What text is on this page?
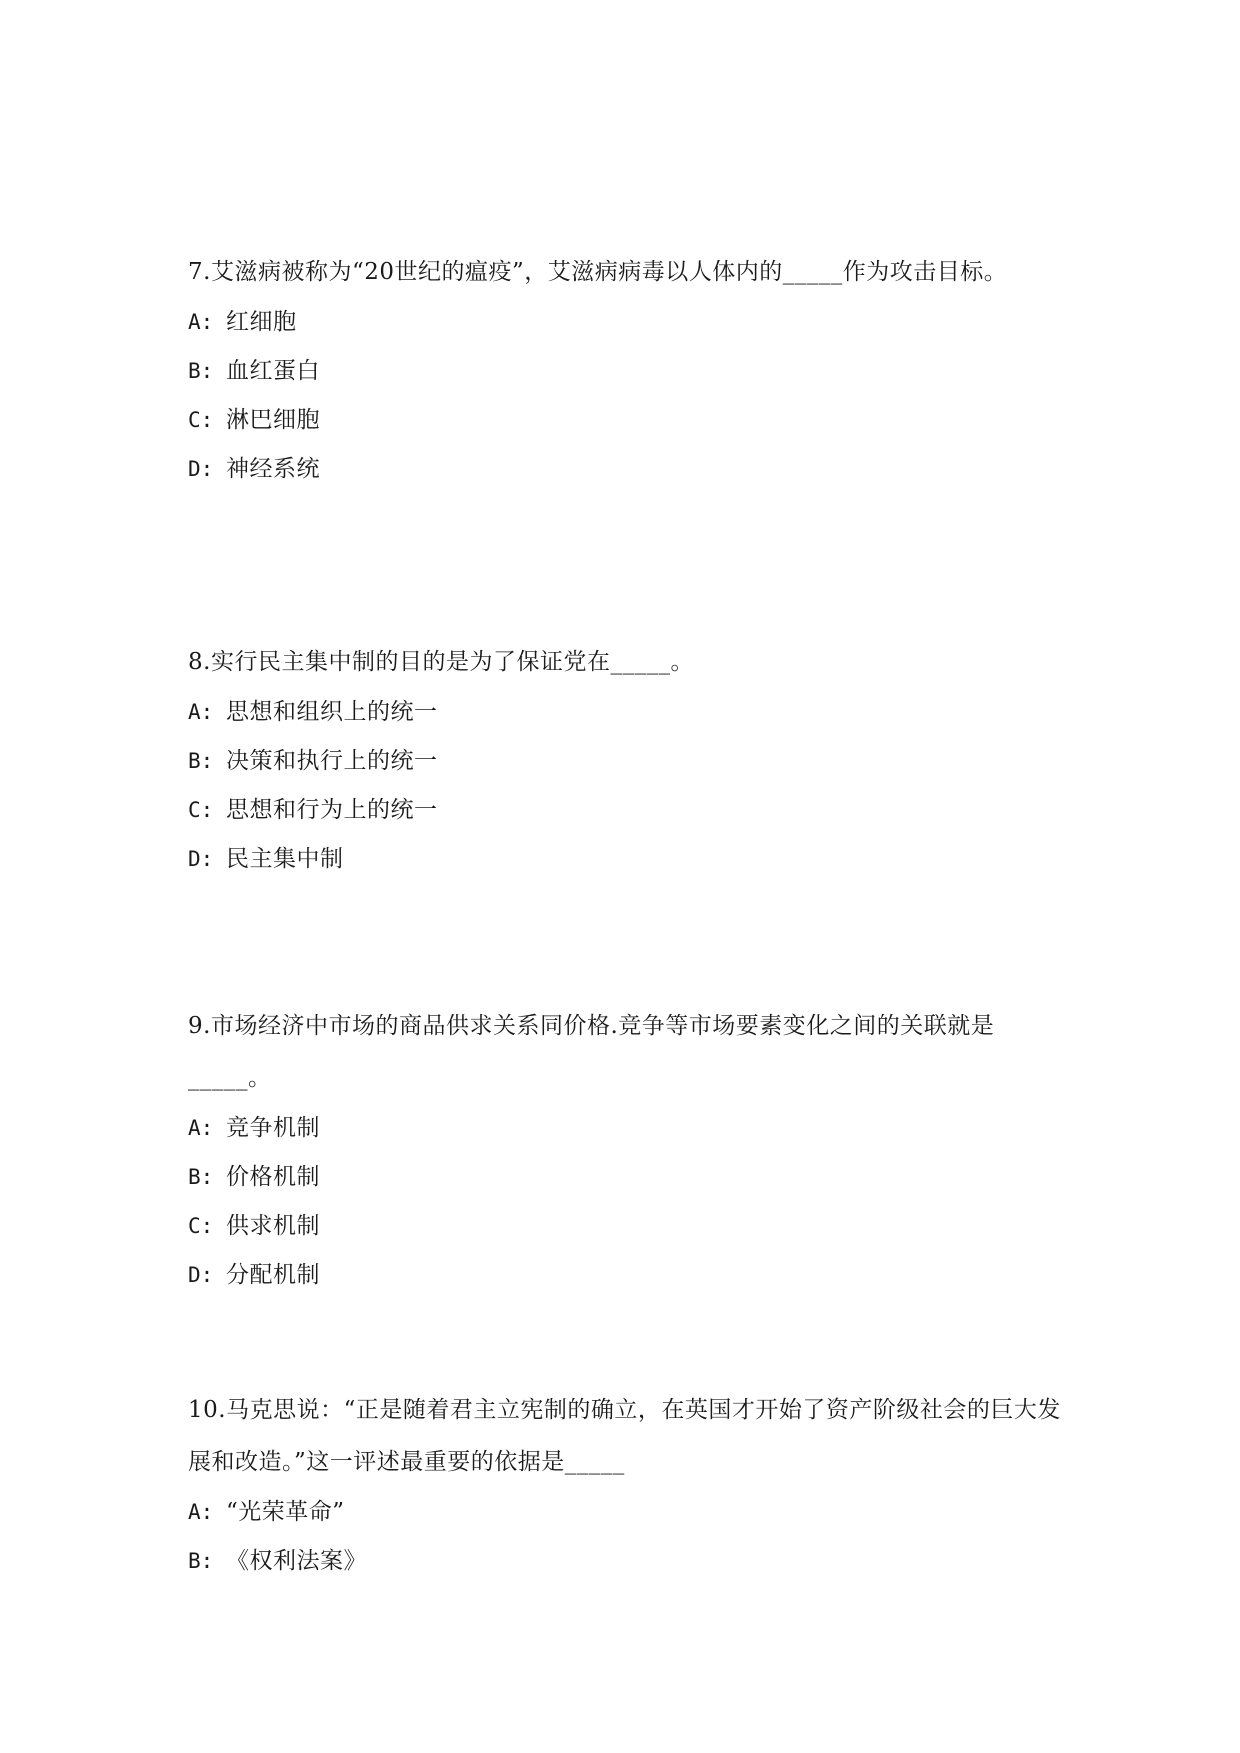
7.艾滋病被称为“20世纪的瘟疫”，艾滋病病毒以人体内的_____作为攻击目标。

A: 红细胞
B: 血红蛋白
C: 淋巴细胞
D: 神经系统

8.实行民主集中制的目的是为了保证党在_____。

A: 思想和组织上的统一
B: 决策和执行上的统一
C: 思想和行为上的统一
D: 民主集中制

9.市场经济中市场的商品供求关系同价格.竞争等市场要素变化之间的关联就是_____。

A: 竞争机制
B: 价格机制
C: 供求机制
D: 分配机制

10.马克思说：“正是随着君主立宪制的确立，在英国才开始了资产阶级社会的巨大发展和改造。”这一评述最重要的依据是_____

A: “光荣革命”
B: 《权利法案》
